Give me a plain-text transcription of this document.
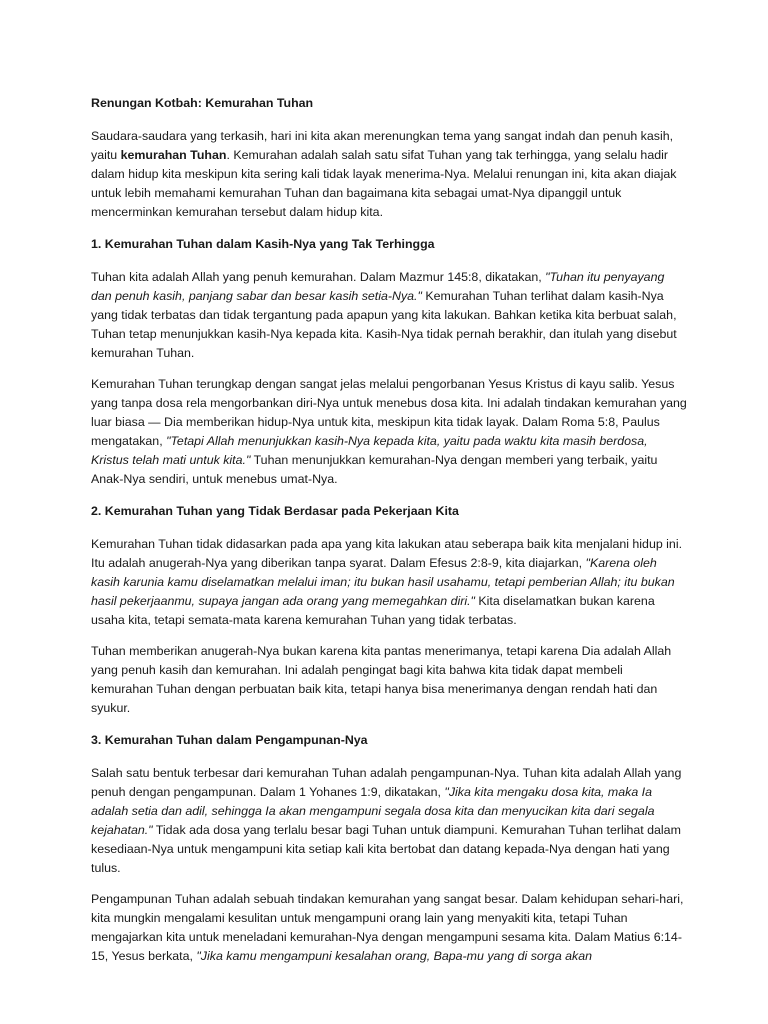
Renungan Kotbah: Kemurahan Tuhan

Saudara-saudara yang terkasih, hari ini kita akan merenungkan tema yang sangat indah dan penuh kasih, yaitu kemurahan Tuhan. Kemurahan adalah salah satu sifat Tuhan yang tak terhingga, yang selalu hadir dalam hidup kita meskipun kita sering kali tidak layak menerima-Nya. Melalui renungan ini, kita akan diajak untuk lebih memahami kemurahan Tuhan dan bagaimana kita sebagai umat-Nya dipanggil untuk mencerminkan kemurahan tersebut dalam hidup kita.

1. Kemurahan Tuhan dalam Kasih-Nya yang Tak Terhingga

Tuhan kita adalah Allah yang penuh kemurahan. Dalam Mazmur 145:8, dikatakan, "Tuhan itu penyayang dan penuh kasih, panjang sabar dan besar kasih setia-Nya." Kemurahan Tuhan terlihat dalam kasih-Nya yang tidak terbatas dan tidak tergantung pada apapun yang kita lakukan. Bahkan ketika kita berbuat salah, Tuhan tetap menunjukkan kasih-Nya kepada kita. Kasih-Nya tidak pernah berakhir, dan itulah yang disebut kemurahan Tuhan.

Kemurahan Tuhan terungkap dengan sangat jelas melalui pengorbanan Yesus Kristus di kayu salib. Yesus yang tanpa dosa rela mengorbankan diri-Nya untuk menebus dosa kita. Ini adalah tindakan kemurahan yang luar biasa — Dia memberikan hidup-Nya untuk kita, meskipun kita tidak layak. Dalam Roma 5:8, Paulus mengatakan, "Tetapi Allah menunjukkan kasih-Nya kepada kita, yaitu pada waktu kita masih berdosa, Kristus telah mati untuk kita." Tuhan menunjukkan kemurahan-Nya dengan memberi yang terbaik, yaitu Anak-Nya sendiri, untuk menebus umat-Nya.

2. Kemurahan Tuhan yang Tidak Berdasar pada Pekerjaan Kita

Kemurahan Tuhan tidak didasarkan pada apa yang kita lakukan atau seberapa baik kita menjalani hidup ini. Itu adalah anugerah-Nya yang diberikan tanpa syarat. Dalam Efesus 2:8-9, kita diajarkan, "Karena oleh kasih karunia kamu diselamatkan melalui iman; itu bukan hasil usahamu, tetapi pemberian Allah; itu bukan hasil pekerjaanmu, supaya jangan ada orang yang memegahkan diri." Kita diselamatkan bukan karena usaha kita, tetapi semata-mata karena kemurahan Tuhan yang tidak terbatas.

Tuhan memberikan anugerah-Nya bukan karena kita pantas menerimanya, tetapi karena Dia adalah Allah yang penuh kasih dan kemurahan. Ini adalah pengingat bagi kita bahwa kita tidak dapat membeli kemurahan Tuhan dengan perbuatan baik kita, tetapi hanya bisa menerimanya dengan rendah hati dan syukur.

3. Kemurahan Tuhan dalam Pengampunan-Nya

Salah satu bentuk terbesar dari kemurahan Tuhan adalah pengampunan-Nya. Tuhan kita adalah Allah yang penuh dengan pengampunan. Dalam 1 Yohanes 1:9, dikatakan, "Jika kita mengaku dosa kita, maka Ia adalah setia dan adil, sehingga Ia akan mengampuni segala dosa kita dan menyucikan kita dari segala kejahatan." Tidak ada dosa yang terlalu besar bagi Tuhan untuk diampuni. Kemurahan Tuhan terlihat dalam kesediaan-Nya untuk mengampuni kita setiap kali kita bertobat dan datang kepada-Nya dengan hati yang tulus.

Pengampunan Tuhan adalah sebuah tindakan kemurahan yang sangat besar. Dalam kehidupan sehari-hari, kita mungkin mengalami kesulitan untuk mengampuni orang lain yang menyakiti kita, tetapi Tuhan mengajarkan kita untuk meneladani kemurahan-Nya dengan mengampuni sesama kita. Dalam Matius 6:14-15, Yesus berkata, "Jika kamu mengampuni kesalahan orang, Bapa-mu yang di sorga akan
